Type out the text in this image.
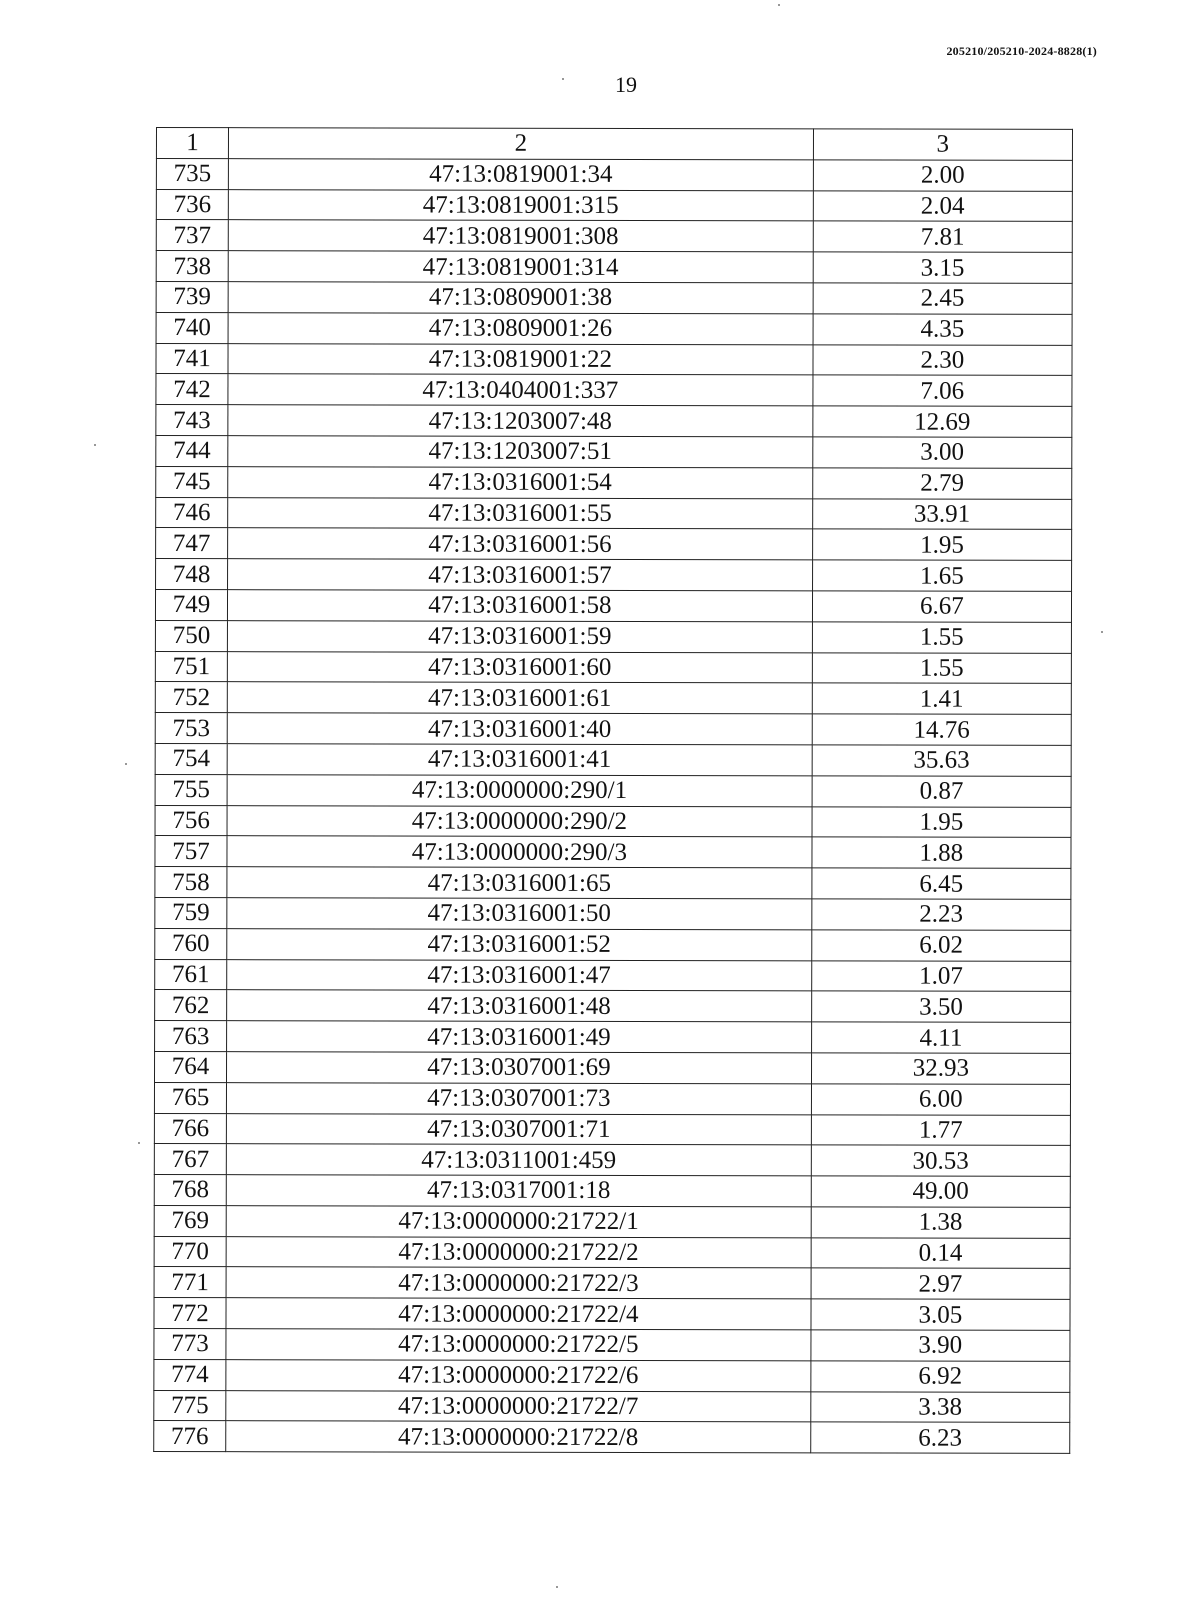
205210/205210-2024-8828(1)
19
1	2	3
735	47:13:0819001:34	2.00
736	47:13:0819001:315	2.04
737	47:13:0819001:308	7.81
738	47:13:0819001:314	3.15
739	47:13:0809001:38	2.45
740	47:13:0809001:26	4.35
741	47:13:0819001:22	2.30
742	47:13:0404001:337	7.06
743	47:13:1203007:48	12.69
744	47:13:1203007:51	3.00
745	47:13:0316001:54	2.79
746	47:13:0316001:55	33.91
747	47:13:0316001:56	1.95
748	47:13:0316001:57	1.65
749	47:13:0316001:58	6.67
750	47:13:0316001:59	1.55
751	47:13:0316001:60	1.55
752	47:13:0316001:61	1.41
753	47:13:0316001:40	14.76
754	47:13:0316001:41	35.63
755	47:13:0000000:290/1	0.87
756	47:13:0000000:290/2	1.95
757	47:13:0000000:290/3	1.88
758	47:13:0316001:65	6.45
759	47:13:0316001:50	2.23
760	47:13:0316001:52	6.02
761	47:13:0316001:47	1.07
762	47:13:0316001:48	3.50
763	47:13:0316001:49	4.11
764	47:13:0307001:69	32.93
765	47:13:0307001:73	6.00
766	47:13:0307001:71	1.77
767	47:13:0311001:459	30.53
768	47:13:0317001:18	49.00
769	47:13:0000000:21722/1	1.38
770	47:13:0000000:21722/2	0.14
771	47:13:0000000:21722/3	2.97
772	47:13:0000000:21722/4	3.05
773	47:13:0000000:21722/5	3.90
774	47:13:0000000:21722/6	6.92
775	47:13:0000000:21722/7	3.38
776	47:13:0000000:21722/8	6.23
